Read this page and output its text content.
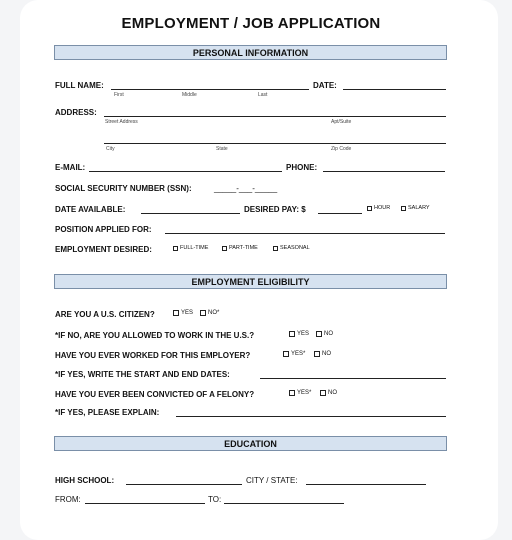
EMPLOYMENT / JOB APPLICATION
PERSONAL INFORMATION
FULL NAME:
First	Middle	Last
DATE:
ADDRESS:
Street Address	Apt/Suite
City	State	Zip Code
E-MAIL:	PHONE:
SOCIAL SECURITY NUMBER (SSN):	_____-___-_____
DATE AVAILABLE:	DESIRED PAY: $	HOUR	SALARY
POSITION APPLIED FOR:
EMPLOYMENT DESIRED:	FULL-TIME	PART-TIME	SEASONAL
EMPLOYMENT ELIGIBILITY
ARE YOU A U.S. CITIZEN?	YES NO*
*IF NO, ARE YOU ALLOWED TO WORK IN THE U.S.?	YES NO
HAVE YOU EVER WORKED FOR THIS EMPLOYER?	YES*	NO
*IF YES, WRITE THE START AND END DATES:
HAVE YOU EVER BEEN CONVICTED OF A FELONY?	YES*	NO
*IF YES, PLEASE EXPLAIN:
EDUCATION
HIGH SCHOOL:	CITY / STATE:
FROM:	TO:
